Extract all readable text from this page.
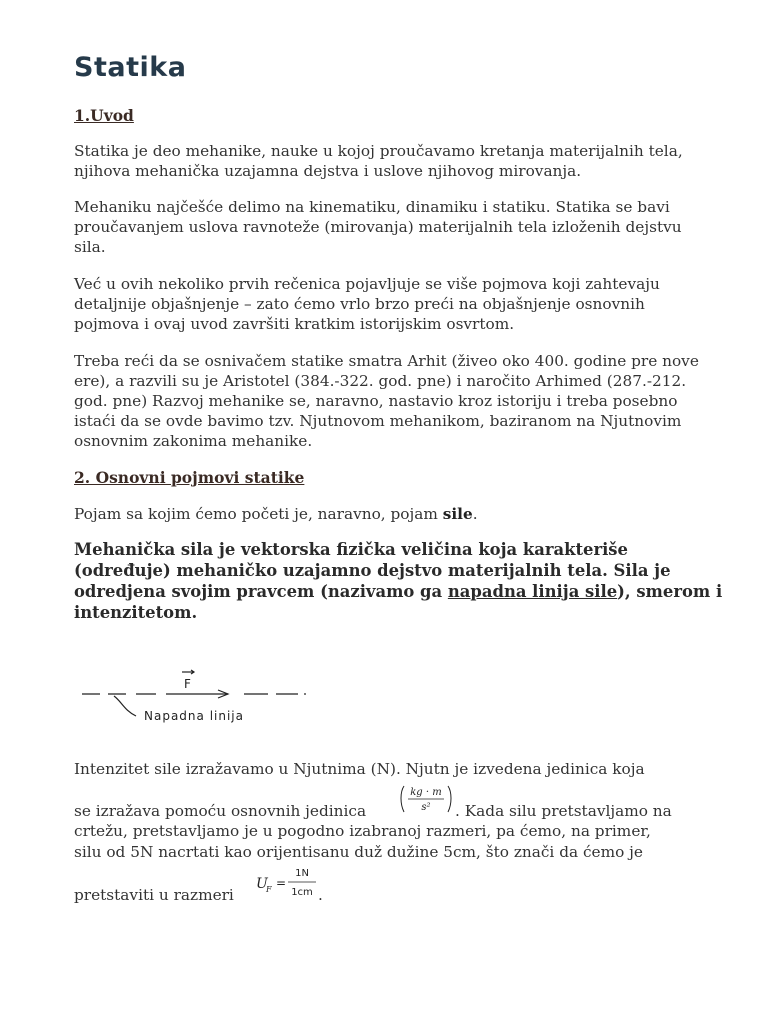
Statika
1.Uvod

Statika je deo mehanike, nauke u kojoj proučavamo kretanja materijalnih tela, njihova mehanička uzajamna dejstva i uslove njihovog mirovanja.

Mehaniku najčešće delimo na kinematiku, dinamiku i statiku. Statika se bavi proučavanjem uslova ravnoteže (mirovanja) materijalnih tela izloženih dejstvu sila.

Već u ovih nekoliko prvih rečenica pojavljuje se više pojmova koji zahtevaju detaljnije objašnjenje – zato ćemo vrlo brzo preći na objašnjenje osnovnih pojmova i ovaj uvod završiti kratkim istorijskim osvrtom.

Treba reći da se osnivačem statike smatra Arhit (živeo oko 400. godine pre nove ere), a razvili su je Aristotel (384.-322. god. pne) i naročito Arhimed (287.-212. god. pne) Razvoj mehanike se, naravno, nastavio kroz istoriju i treba posebno istaći da se ovde bavimo tzv. Njutnovom mehanikom, baziranom na Njutnovim osnovnim zakonima mehanike.

2. Osnovni pojmovi statike

Pojam sa kojim ćemo početi je, naravno, pojam sile.

Mehanička sila je vektorska fizička veličina koja karakteriše (određuje) mehaničko uzajamno dejstvo materijalnih tela. Sila je odredjena svojim pravcem (nazivamo ga napadna linija sile), smerom i intenzitetom.

F
Napadna linija

Intenzitet sile izražavamo u Njutnima (N). Njutn je izvedena jedinica koja

se izražava pomoću osnovnih jedinica
kg · m
s² . Kada silu pretstavljamo na
crtežu, pretstavljamo je u pogodno izabranoj razmeri, pa ćemo, na primer,
silu od 5N nacrtati kao orijentisanu duž dužine 5cm, što znači da ćemo je
pretstaviti u razmeri
U
F =
1N
1cm .
